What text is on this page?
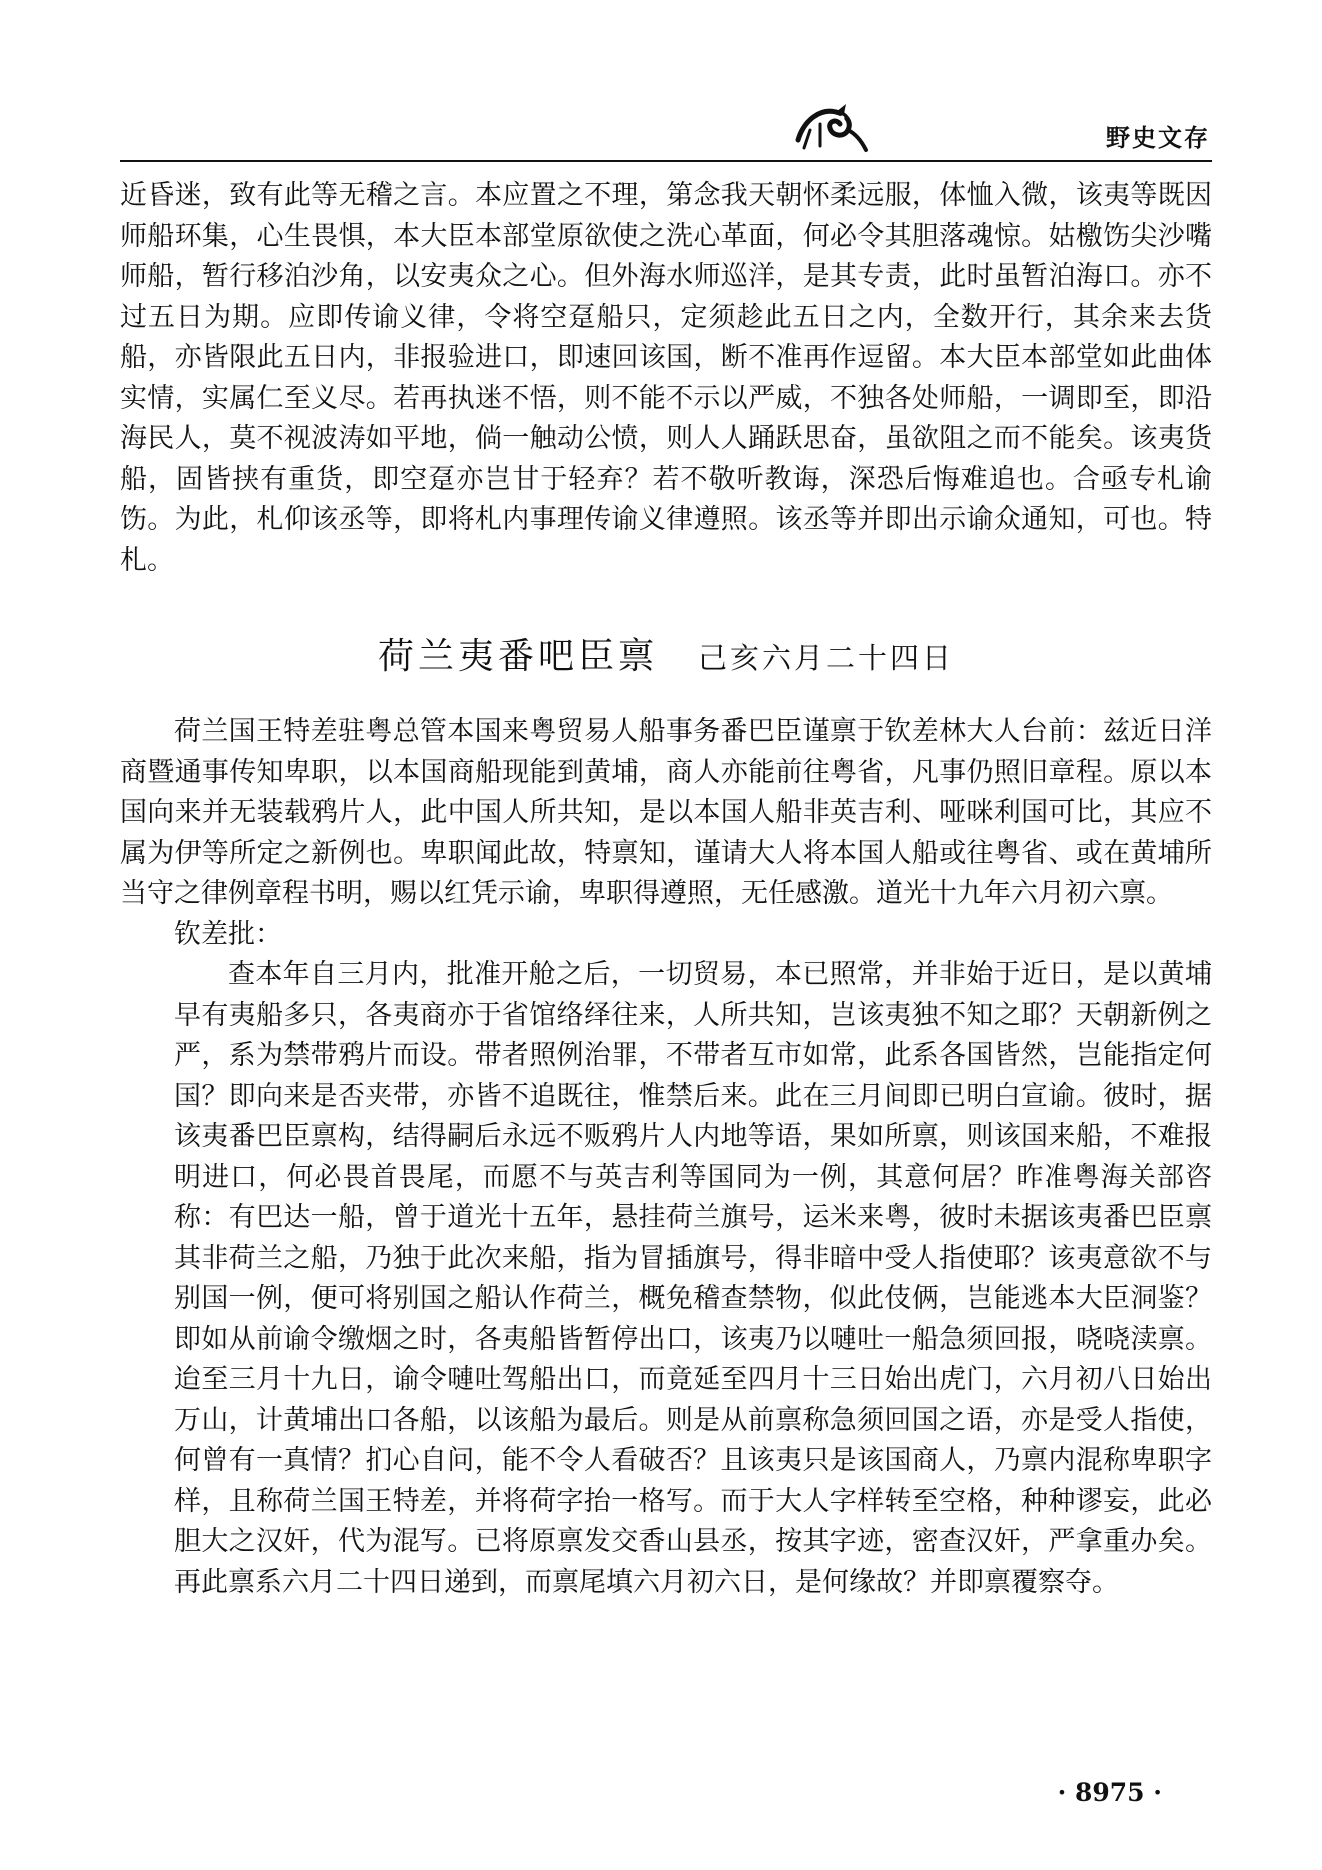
野史文存

近昏迷，致有此等无稽之言。本应置之不理，第念我天朝怀柔远服，体恤入微，该夷等既因师船环集，心生畏惧，本大臣本部堂原欲使之洗心革面，何必令其胆落魂惊。姑檄饬尖沙嘴师船，暂行移泊沙角，以安夷众之心。但外海水师巡洋，是其专责，此时虽暂泊海口。亦不过五日为期。应即传谕义律，令将空趸船只，定须趁此五日之内，全数开行，其余来去货船，亦皆限此五日内，非报验进口，即速回该国，断不准再作逗留。本大臣本部堂如此曲体实情，实属仁至义尽。若再执迷不悟，则不能不示以严威，不独各处师船，一调即至，即沿海民人，莫不视波涛如平地，倘一触动公愤，则人人踊跃思奋，虽欲阻之而不能矣。该夷货船，固皆挟有重货，即空趸亦岂甘于轻弃？若不敬听教诲，深恐后悔难追也。合亟专札谕饬。为此，札仰该丞等，即将札内事理传谕义律遵照。该丞等并即出示谕众通知，可也。特札。

荷兰夷番吧臣禀 己亥六月二十四日

荷兰国王特差驻粤总管本国来粤贸易人船事务番巴臣谨禀于钦差林大人台前：兹近日洋商暨通事传知卑职，以本国商船现能到黄埔，商人亦能前往粤省，凡事仍照旧章程。原以本国向来并无装载鸦片人，此中国人所共知，是以本国人船非英吉利、哑咪利国可比，其应不属为伊等所定之新例也。卑职闻此故，特禀知，谨请大人将本国人船或往粤省、或在黄埔所当守之律例章程书明，赐以红凭示谕，卑职得遵照，无任感激。道光十九年六月初六禀。

钦差批：

查本年自三月内，批准开舱之后，一切贸易，本已照常，并非始于近日，是以黄埔早有夷船多只，各夷商亦于省馆络绎往来，人所共知，岂该夷独不知之耶？天朝新例之严，系为禁带鸦片而设。带者照例治罪，不带者互市如常，此系各国皆然，岂能指定何国？即向来是否夹带，亦皆不追既往，惟禁后来。此在三月间即已明白宣谕。彼时，据该夷番巴臣禀构，结得嗣后永远不贩鸦片人内地等语，果如所禀，则该国来船，不难报明进口，何必畏首畏尾，而愿不与英吉利等国同为一例，其意何居？昨准粤海关部咨称：有巴达一船，曾于道光十五年，悬挂荷兰旗号，运米来粤，彼时未据该夷番巴臣禀其非荷兰之船，乃独于此次来船，指为冒插旗号，得非暗中受人指使耶？该夷意欲不与别国一例，便可将别国之船认作荷兰，概免稽查禁物，似此伎俩，岂能逃本大臣洞鉴？即如从前谕令缴烟之时，各夷船皆暂停出口，该夷乃以嗹吐一船急须回报，哓哓渎禀。迨至三月十九日，谕令嗹吐驾船出口，而竟延至四月十三日始出虎门，六月初八日始出万山，计黄埔出口各船，以该船为最后。则是从前禀称急须回国之语，亦是受人指使，何曾有一真情？扪心自问，能不令人看破否？且该夷只是该国商人，乃禀内混称卑职字样，且称荷兰国王特差，并将荷字抬一格写。而于大人字样转至空格，种种谬妄，此必胆大之汉奸，代为混写。已将原禀发交香山县丞，按其字迹，密查汉奸，严拿重办矣。再此禀系六月二十四日递到，而禀尾填六月初六日，是何缘故？并即禀覆察夺。

· 8975 ·
